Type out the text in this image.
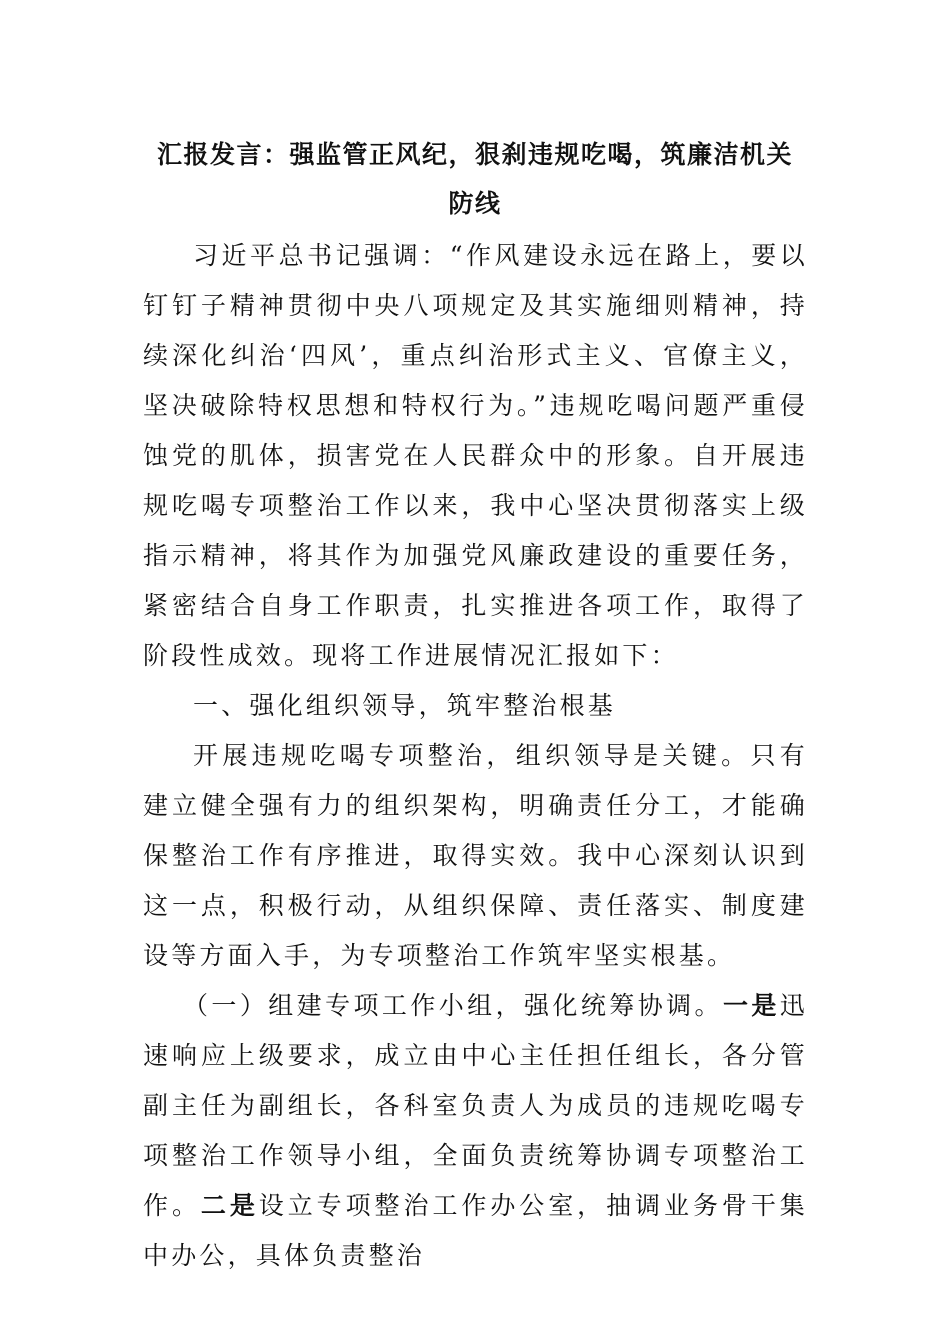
汇报发言：强监管正风纪，狠刹违规吃喝，筑廉洁机关防线

习近平总书记强调：“作风建设永远在路上，要以钉钉子精神贯彻中央八项规定及其实施细则精神，持续深化纠治‘四风’，重点纠治形式主义、官僚主义，坚决破除特权思想和特权行为。”违规吃喝问题严重侵蚀党的肌体，损害党在人民群众中的形象。自开展违规吃喝专项整治工作以来，我中心坚决贯彻落实上级指示精神，将其作为加强党风廉政建设的重要任务，紧密结合自身工作职责，扎实推进各项工作，取得了阶段性成效。现将工作进展情况汇报如下：

一、强化组织领导，筑牢整治根基

开展违规吃喝专项整治，组织领导是关键。只有建立健全强有力的组织架构，明确责任分工，才能确保整治工作有序推进，取得实效。我中心深刻认识到这一点，积极行动，从组织保障、责任落实、制度建设等方面入手，为专项整治工作筑牢坚实根基。

（一）组建专项工作小组，强化统筹协调。一是迅速响应上级要求，成立由中心主任担任组长，各分管副主任为副组长，各科室负责人为成员的违规吃喝专项整治工作领导小组，全面负责统筹协调专项整治工作。二是设立专项整治工作办公室，抽调业务骨干集中办公，具体负责整治
